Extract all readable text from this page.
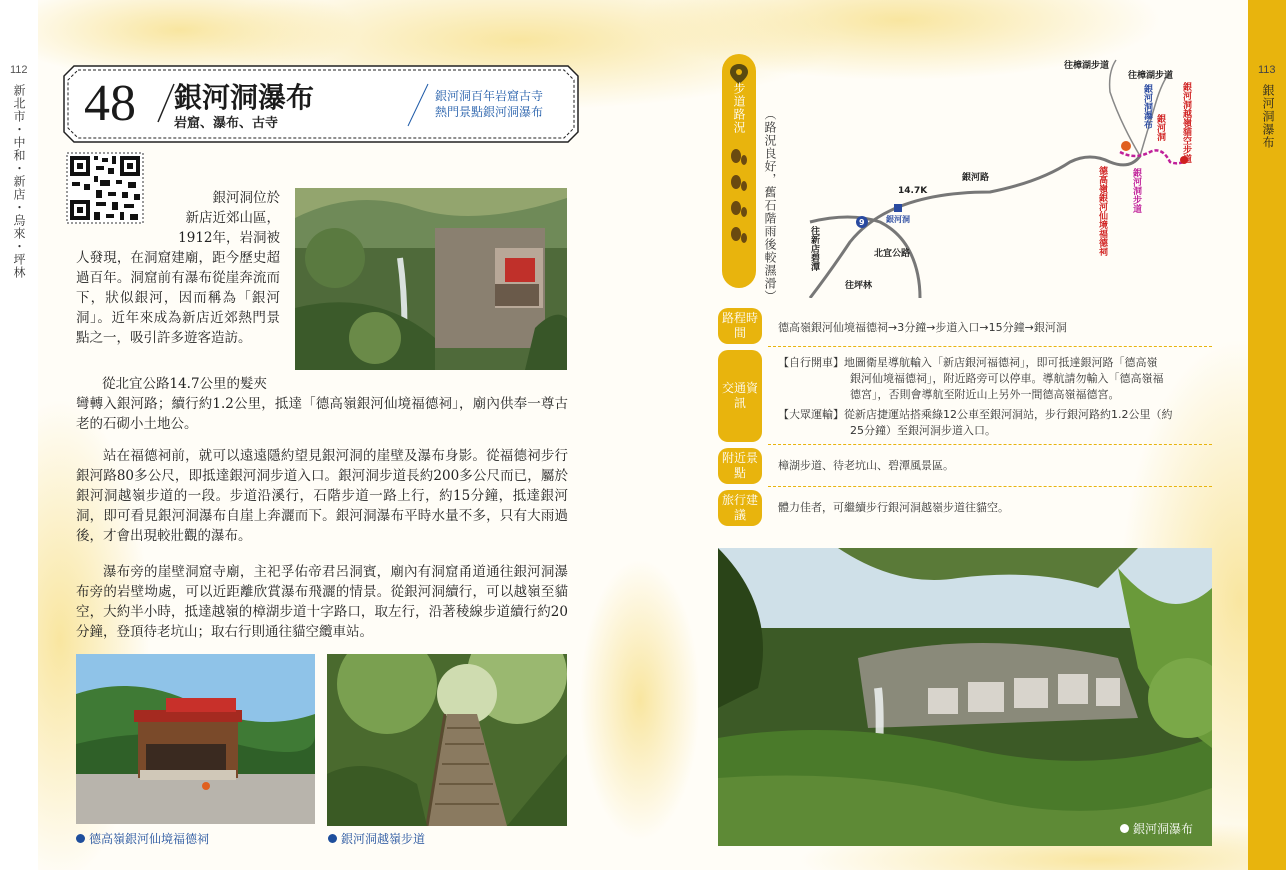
112
新北市・中和・新店・烏來・坪林
113
銀河洞瀑布
48 銀河洞瀑布
岩窟、瀑布、古寺
銀河洞百年岩窟古寺
熱門景點銀河洞瀑布
銀河洞位於
新店近郊山區，
1912年，岩洞被
人發現，在洞窟建廟，距今歷史超過百年。洞窟前有瀑布從崖奔流而下，狀似銀河，因而稱為「銀河洞」。近年來成為新店近郊熱門景點之一，吸引許多遊客造訪。
從北宜公路14.7公里的髮夾
彎轉入銀河路；續行約1.2公里，抵達「德高嶺銀河仙境福德祠」，廟內供奉一尊古老的石砌小土地公。
站在福德祠前，就可以遠遠隱約望見銀河洞的崖壁及瀑布身影。從福德祠步行銀河路80多公尺，即抵達銀河洞步道入口。銀河洞步道長約200多公尺而已，屬於銀河洞越嶺步道的一段。步道沿溪行，石階步道一路上行，約15分鐘，抵達銀河洞，即可看見銀河洞瀑布自崖上奔灑而下。銀河洞瀑布平時水量不多，只有大雨過後，才會出現較壯觀的瀑布。
瀑布旁的崖壁洞窟寺廟，主祀孚佑帝君呂洞賓，廟內有洞窟甬道通往銀河洞瀑布旁的岩壁坳處，可以近距離欣賞瀑布飛灑的情景。從銀河洞續行，可以越嶺至貓空，大約半小時，抵達越嶺的樟湖步道十字路口，取左行，沿著稜線步道續行約20分鐘，登頂待老坑山；取右行則通往貓空纜車站。
德高嶺銀河仙境福德祠	銀河洞越嶺步道
步道路況 （路況良好，舊石階雨後較濕滑）
往樟湖步道
往樟湖步道
銀河路
14.7K
銀河洞
9
北宜公路
往坪林
往新店碧潭
銀河洞瀑布 銀河洞 銀河洞越嶺貓空步道
銀河洞步道
德高嶺銀河仙境福德祠
路程時間	德高嶺銀河仙境福德祠→3分鐘→步道入口→15分鐘→銀河洞
交通資訊
【自行開車】地圖衛星導航輸入「新店銀河福德祠」，即可抵達銀河路「德高嶺
銀河仙境福德祠」，附近路旁可以停車。導航請勿輸入「德高嶺福
德宮」，否則會導航至附近山上另外一間德高嶺福德宮。
【大眾運輸】從新店捷運站搭乘綠12公車至銀河洞站，步行銀河路約1.2公里（約
25分鐘）至銀河洞步道入口。
附近景點
樟湖步道、待老坑山、碧潭風景區。
旅行建議
體力佳者，可繼續步行銀河洞越嶺步道往貓空。
銀河洞瀑布
